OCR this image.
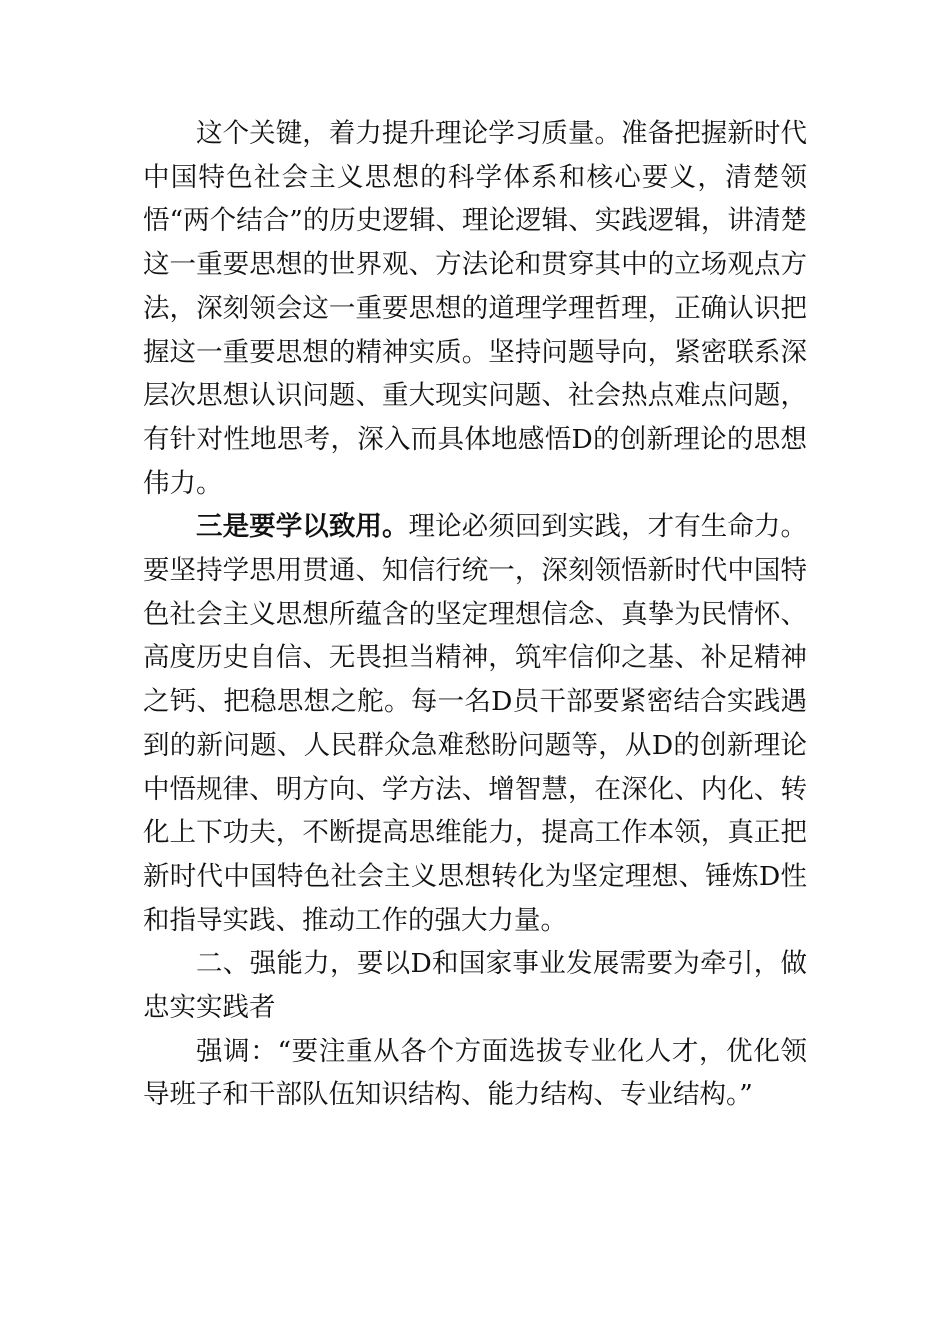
这个关键，着力提升理论学习质量。准备把握新时代中国特色社会主义思想的科学体系和核心要义，清楚领悟“两个结合”的历史逻辑、理论逻辑、实践逻辑，讲清楚这一重要思想的世界观、方法论和贯穿其中的立场观点方法，深刻领会这一重要思想的道理学理哲理，正确认识把握这一重要思想的精神实质。坚持问题导向，紧密联系深层次思想认识问题、重大现实问题、社会热点难点问题，有针对性地思考，深入而具体地感悟D的创新理论的思想伟力。

三是要学以致用。理论必须回到实践，才有生命力。要坚持学思用贯通、知信行统一，深刻领悟新时代中国特色社会主义思想所蕴含的坚定理想信念、真挚为民情怀、高度历史自信、无畏担当精神，筑牢信仰之基、补足精神之钙、把稳思想之舵。每一名D员干部要紧密结合实践遇到的新问题、人民群众急难愁盼问题等，从D的创新理论中悟规律、明方向、学方法、增智慧，在深化、内化、转化上下功夫，不断提高思维能力，提高工作本领，真正把新时代中国特色社会主义思想转化为坚定理想、锤炼D性和指导实践、推动工作的强大力量。

二、强能力，要以D和国家事业发展需要为牵引，做忠实实践者

强调：“要注重从各个方面选拔专业化人才，优化领导班子和干部队伍知识结构、能力结构、专业结构。”
